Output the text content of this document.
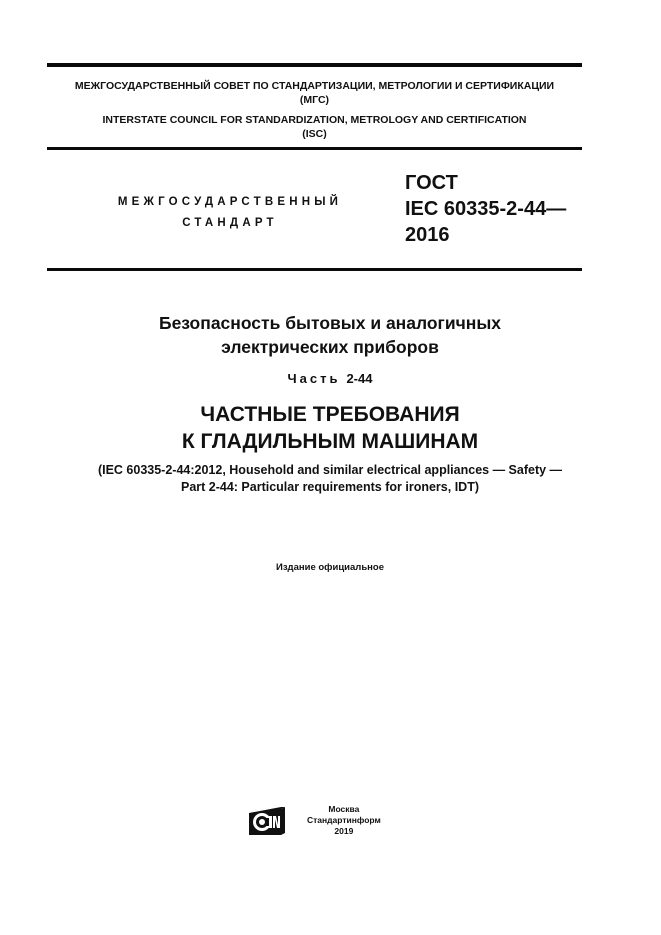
МЕЖГОСУДАРСТВЕННЫЙ СОВЕТ ПО СТАНДАРТИЗАЦИИ, МЕТРОЛОГИИ И СЕРТИФИКАЦИИ
(МГС)
INTERSTATE COUNCIL FOR STANDARDIZATION, METROLOGY AND CERTIFICATION
(ISC)
МЕЖГОСУДАРСТВЕННЫЙ
СТАНДАРТ
ГОСТ
IEC 60335-2-44—
2016
Безопасность бытовых и аналогичных
электрических приборов
Часть 2-44
ЧАСТНЫЕ ТРЕБОВАНИЯ
К ГЛАДИЛЬНЫМ МАШИНАМ
(IEC 60335-2-44:2012, Household and similar electrical appliances — Safety —
Part 2-44: Particular requirements for ironers, IDT)
Издание официальное
Москва
Стандартинформ
2019
